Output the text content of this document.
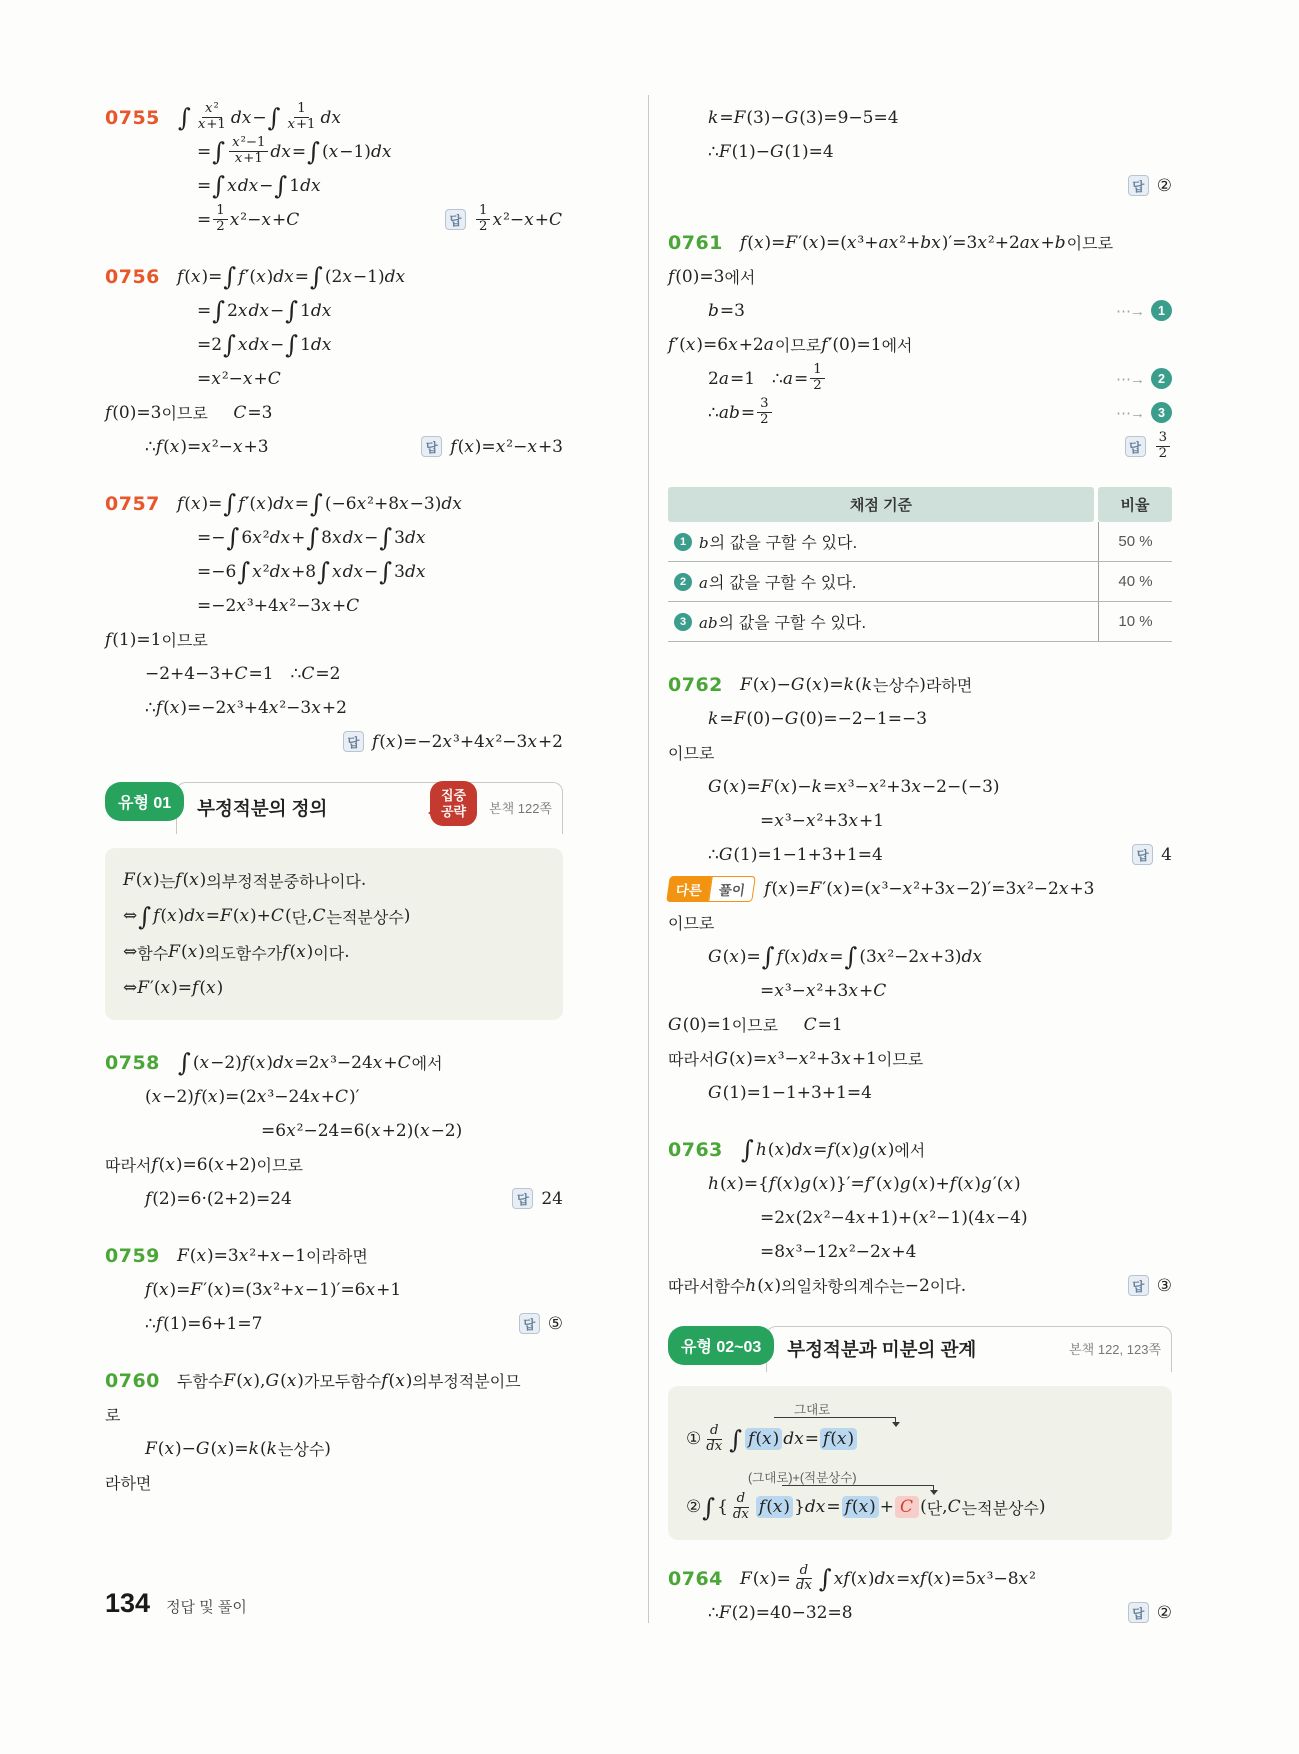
0755 ∫ $\frac{\text{x ²}}{x +1}$ dx − ∫ $\frac{1}{x +1}$ dx
= ∫ $\frac{\text{x ²−1}}{x +1}$ dx = ∫ ( x −1) dx
= ∫ x dx − ∫ 1 dx
= $\frac{1}{2}$ x ²− x + C	답	$\frac{1}{2}$ x ²− x + C
0756	f ( x )= ∫ f ′( x ) dx = ∫ (2 x −1) dx
= ∫ 2 x dx − ∫ 1 dx
=2 ∫ x dx − ∫ 1 dx
= x ²− x + C
f (0)=3 이므로
   C =3
∴ f ( x )= x ²− x +3	답 f ( x )= x ²− x +3
0757	f ( x )= ∫ f ′( x ) dx = ∫ (−6 x ²+8 x −3) dx
=− ∫ 6 x ² dx + ∫ 8 x dx − ∫ 3 dx
=−6 ∫ x ² dx +8 ∫ x dx − ∫ 3 dx
=−2 x ³+4 x ²−3 x + C
f (1)=1 이므로
−2+4−3+ C =1 ∴ C =2
∴ f ( x )=−2 x ³+4 x ²−3 x +2
답 f ( x )=−2 x ³+4 x ²−3 x +2
유형 01	부정적분의 정의
집중
공략 본책 122쪽
F ( x ) 는 f ( x ) 의 부정적분 중 하나이다 .
⇔ ∫ f ( x ) dx = F ( x )+ C ( 단 , C 는 적분상수 )
⇔ 함수 F ( x ) 의 도함수가 f ( x ) 이다 .
⇔ F ′( x )= f ( x )
0758 ∫ ( x −2) f ( x ) dx =2 x ³−24 x + C 에서
( x −2) f ( x )=(2 x ³−24 x + C )′
=6 x ²−24=6( x +2)( x −2)
따라서 f ( x )=6( x +2) 이므로
f (2)=6·(2+2)=24	답 24
0759	F ( x )=3 x ²+ x −1 이라 하면
f ( x )= F ′( x )=(3 x ²+ x −1)′=6 x +1
∴ f (1)=6+1=7	답 ⑤
0760	두 함수 F ( x ), G ( x ) 가 모두 함수 f ( x ) 의 부정적분이므
로
F ( x )− G ( x )= k ( k 는 상수 )
라 하면
k = F (3)− G (3)=9−5=4
∴ F (1)− G (1)=4
답 ②
0761	f ( x )= F ′( x )=( x ³+ ax ²+ bx )′=3 x ²+2 ax + b 이므로
f (0)=3 에서
b =3	⋯→	1
f ′( x )=6 x +2 a 이므로 f ′(0)=1 에서
2 a =1 ∴ $a = \frac{1}{2}$	⋯→	2
∴ ab = $\frac{3}{2}$	⋯→	3
답	$\frac{3}{2}$
채점 기준	비율
1 b의 값을 구할 수 있다.	50 %
2 a의 값을 구할 수 있다.	40 %
3 ab의 값을 구할 수 있다.	10 %
0762	F ( x )− G ( x )= k ( k 는 상수 ) 라 하면
k = F (0)− G (0)=−2−1=−3
이므로
G ( x )= F ( x )− k = x ³− x ²+3 x −2−(−3)
= x ³− x ²+3 x +1
∴ G (1)=1−1+3+1=4	답 4
다른	풀이	f ( x )= F ′( x )=( x ³− x ²+3 x −2)′=3 x ²−2 x +3
이므로
G ( x )= ∫ f ( x ) dx = ∫ (3 x ²−2 x +3) dx
= x ³− x ²+3 x + C
G (0)=1 이므로
   C =1
따라서 G ( x )= x ³− x ²+3 x +1 이므로
G (1)=1−1+3+1=4
0763 ∫ h ( x ) dx = f ( x ) g ( x ) 에서
h ( x )={ f ( x ) g ( x )}′= f ′( x ) g ( x )+ f ( x ) g ′( x )
=2 x (2 x ²−4 x +1)+( x ²−1)(4 x −4)
=8 x ³−12 x ²−2 x +4
따라서 함수 h ( x ) 의 일차항의 계수는 −2 이다 .	답 ③
유형 02~03	부정적분과 미분의 관계	본책 122, 123쪽
그대로
① $\frac{d}{dx}$ ∫ f ( x ) dx = f ( x )
(그대로)+(적분상수)
② ∫ { $\frac{d}{dx}$ f ( x ) } dx = f ( x ) + C ( 단 , C 는 적분상수 )
0764	F ( x )= $\frac{d}{dx}$ ∫ xf ( x ) dx = xf ( x )=5 x ³−8 x ²
∴ F (2)=40−32=8	답 ②
134 정답 및 풀이
